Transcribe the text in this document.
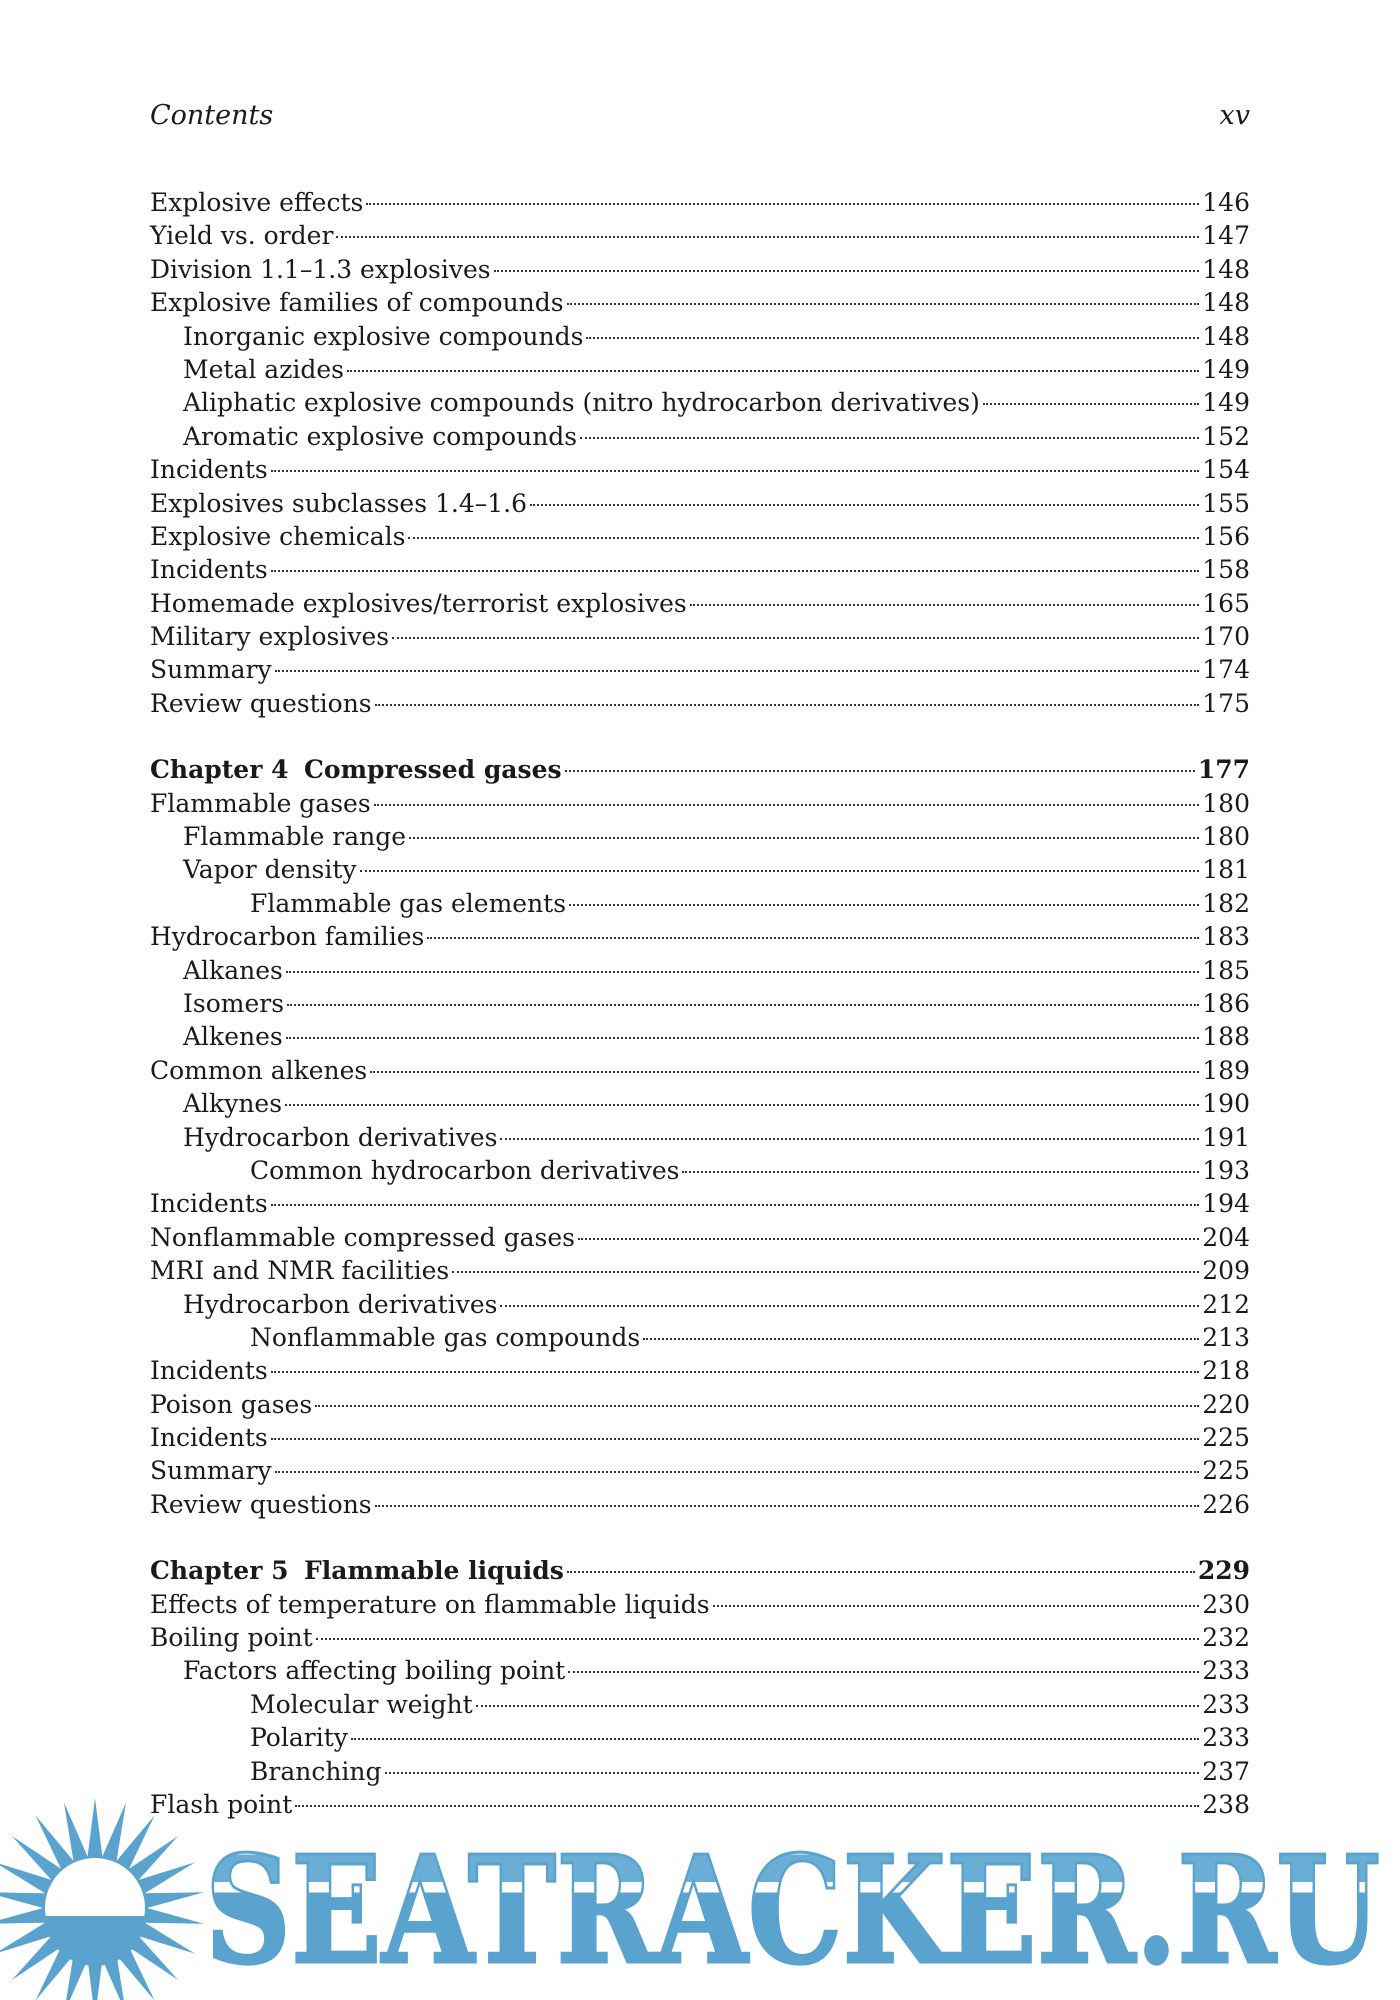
Contents	xv
Explosive effects	146
Yield vs. order	147
Division 1.1–1.3 explosives	148
Explosive families of compounds	148
Inorganic explosive compounds	148
Metal azides	149
Aliphatic explosive compounds (nitro hydrocarbon derivatives)	149
Aromatic explosive compounds	152
Incidents	154
Explosives subclasses 1.4–1.6	155
Explosive chemicals	156
Incidents	158
Homemade explosives/terrorist explosives	165
Military explosives	170
Summary	174
Review questions	175
Chapter 4 Compressed gases	177
Flammable gases	180
Flammable range	180
Vapor density	181
Flammable gas elements	182
Hydrocarbon families	183
Alkanes	185
Isomers	186
Alkenes	188
Common alkenes	189
Alkynes	190
Hydrocarbon derivatives	191
Common hydrocarbon derivatives	193
Incidents	194
Nonflammable compressed gases	204
MRI and NMR facilities	209
Hydrocarbon derivatives	212
Nonflammable gas compounds	213
Incidents	218
Poison gases	220
Incidents	225
Summary	225
Review questions	226
Chapter 5 Flammable liquids	229
Effects of temperature on flammable liquids	230
Boiling point	232
Factors affecting boiling point	233
Molecular weight	233
Polarity	233
Branching	237
Flash point	238
SEATRACKER.RU
